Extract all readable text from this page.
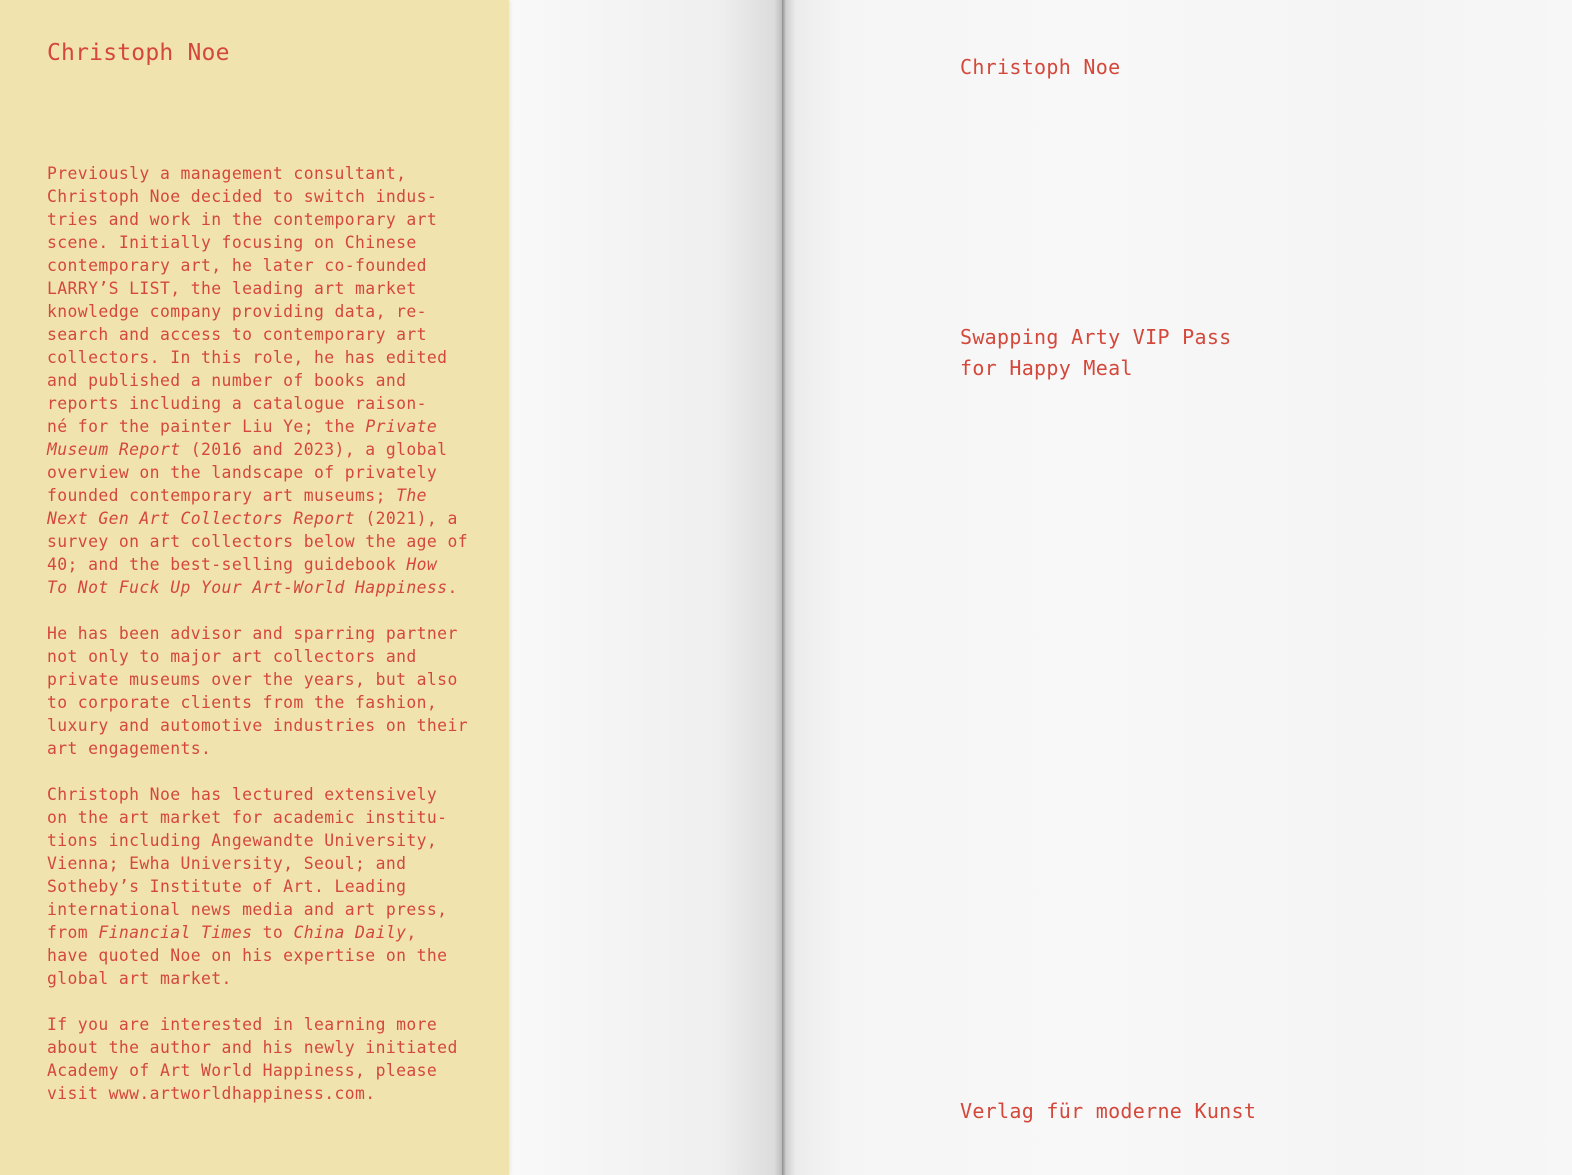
Christoph Noe

Previously a management consultant,
Christoph Noe decided to switch indus-
tries and work in the contemporary art
scene. Initially focusing on Chinese
contemporary art, he later co-founded
LARRY’S LIST, the leading art market
knowledge company providing data, re-
search and access to contemporary art
collectors. In this role, he has edited
and published a number of books and
reports including a catalogue raison-
né for the painter Liu Ye; the Private
Museum Report (2016 and 2023), a global
overview on the landscape of privately
founded contemporary art museums; The
Next Gen Art Collectors Report (2021), a
survey on art collectors below the age of
40; and the best-selling guidebook How
To Not Fuck Up Your Art-World Happiness.

He has been advisor and sparring partner
not only to major art collectors and
private museums over the years, but also
to corporate clients from the fashion,
luxury and automotive industries on their
art engagements.

Christoph Noe has lectured extensively
on the art market for academic institu-
tions including Angewandte University,
Vienna; Ewha University, Seoul; and
Sotheby’s Institute of Art. Leading
international news media and art press,
from Financial Times to China Daily,
have quoted Noe on his expertise on the
global art market.

If you are interested in learning more
about the author and his newly initiated
Academy of Art World Happiness, please
visit www.artworldhappiness.com.

Christoph Noe
Swapping Arty VIP Pass
for Happy Meal
Verlag für moderne Kunst
